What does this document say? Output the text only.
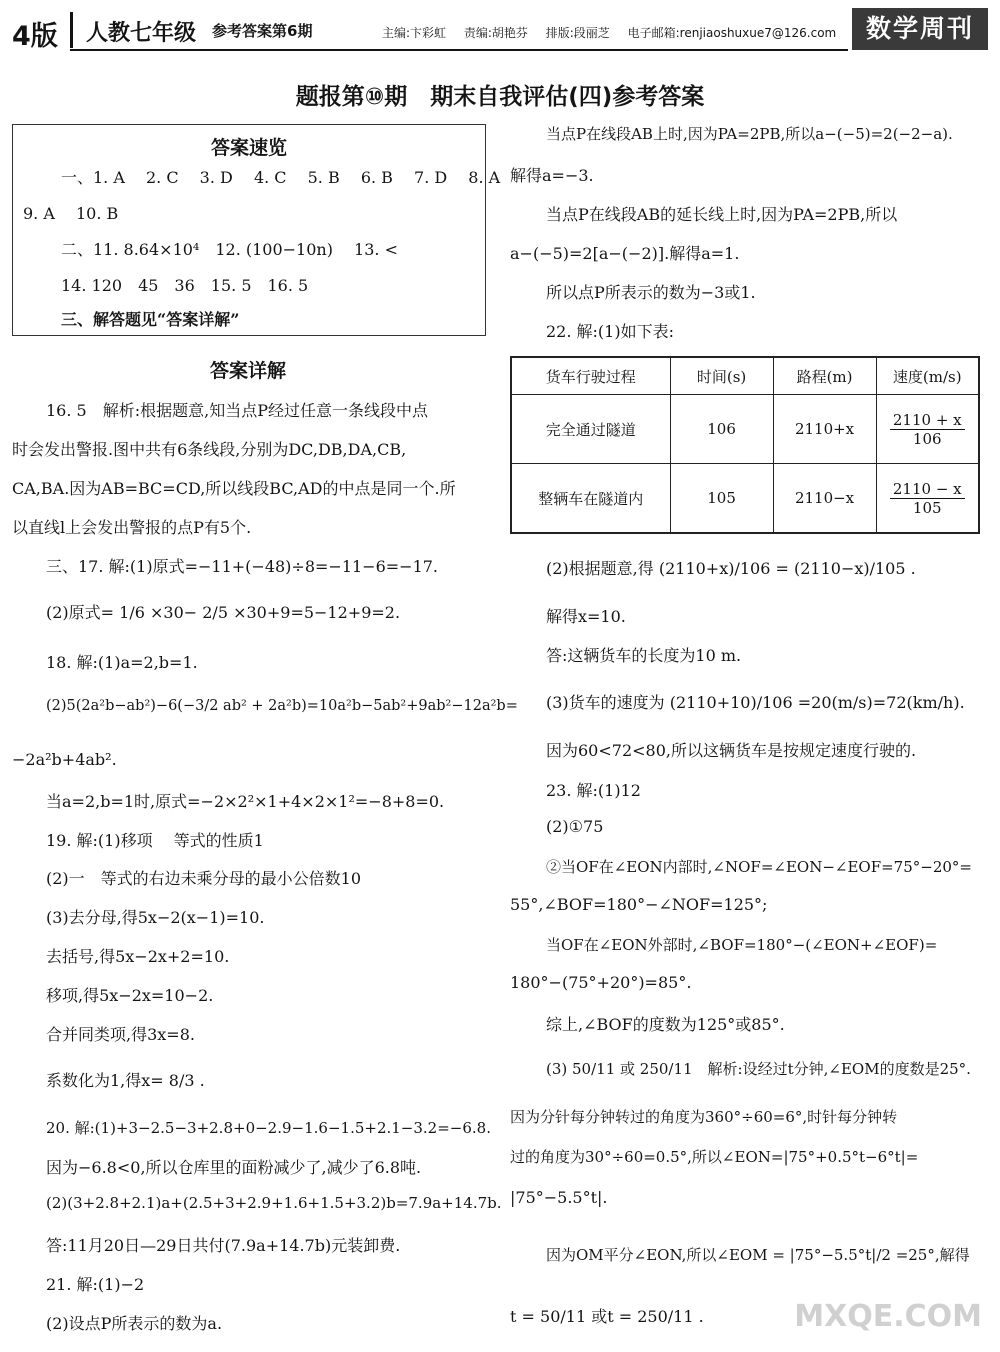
4版 人教七年级 参考答案第6期	主编:卞彩虹 责编:胡艳芬 排版:段丽芝 电子邮箱:renjiaoshuxue7@126.com	数学周刊
题报第⑩期　期末自我评估(四)参考答案
答案速览
一、1. A　 2. C　 3. D　 4. C　 5. B　 6. B　 7. D　 8. A
9. A　 10. B
二、11. 8.64×10⁴　12. (100−10n)　 13. <
14. 120　45　36　15. 5　16. 5
三、解答题见“答案详解”
答案详解
16. 5　解析:根据题意,知当点P经过任意一条线段中点
时会发出警报.图中共有6条线段,分别为DC,DB,DA,CB,
CA,BA.因为AB=BC=CD,所以线段BC,AD的中点是同一个.所
以直线l上会发出警报的点P有5个.
三、17. 解:(1)原式=−11+(−48)÷8=−11−6=−17.
(2)原式= 1/6 ×30− 2/5 ×30+9=5−12+9=2.
18. 解:(1)a=2,b=1.
(2)5(2a²b−ab²)−6(−3/2 ab² + 2a²b)=10a²b−5ab²+9ab²−12a²b=
−2a²b+4ab².
当a=2,b=1时,原式=−2×2²×1+4×2×1²=−8+8=0.
19. 解:(1)移项　 等式的性质1
(2)一　等式的右边未乘分母的最小公倍数10
(3)去分母,得5x−2(x−1)=10.
去括号,得5x−2x+2=10.
移项,得5x−2x=10−2.
合并同类项,得3x=8.
系数化为1,得x= 8/3 .
20. 解:(1)+3−2.5−3+2.8+0−2.9−1.6−1.5+2.1−3.2=−6.8.
因为−6.8<0,所以仓库里的面粉减少了,减少了6.8吨.
(2)(3+2.8+2.1)a+(2.5+3+2.9+1.6+1.5+3.2)b=7.9a+14.7b.
答:11月20日—29日共付(7.9a+14.7b)元装卸费.
21. 解:(1)−2
(2)设点P所表示的数为a.
当点P在线段AB上时,因为PA=2PB,所以a−(−5)=2(−2−a).
解得a=−3.
当点P在线段AB的延长线上时,因为PA=2PB,所以
a−(−5)=2[a−(−2)].解得a=1.
所以点P所表示的数为−3或1.
22. 解:(1)如下表:
货车行驶过程	时间(s)	路程(m)	速度(m/s)
完全通过隧道	106	2110+x	$\frac{2110 + x}{106}$

整辆车在隧道内	105	2110−x	$\frac{2110 - x}{105}$
(2)根据题意,得 (2110+x)/106 = (2110−x)/105 .
解得x=10.
答:这辆货车的长度为10 m.
(3)货车的速度为 (2110+10)/106 =20(m/s)=72(km/h).
因为60<72<80,所以这辆货车是按规定速度行驶的.
23. 解:(1)12
(2)①75
②当OF在∠EON内部时,∠NOF=∠EON−∠EOF=75°−20°=
55°,∠BOF=180°−∠NOF=125°;
当OF在∠EON外部时,∠BOF=180°−(∠EON+∠EOF)=
180°−(75°+20°)=85°.
综上,∠BOF的度数为125°或85°.
(3) 50/11 或 250/11　解析:设经过t分钟,∠EOM的度数是25°.
因为分针每分钟转过的角度为360°÷60=6°,时针每分钟转
过的角度为30°÷60=0.5°,所以∠EON=|75°+0.5°t−6°t|=
|75°−5.5°t|.
因为OM平分∠EON,所以∠EOM = |75°−5.5°t|/2 =25°,解得
t = 50/11 或t = 250/11 .	MXQE.COM
